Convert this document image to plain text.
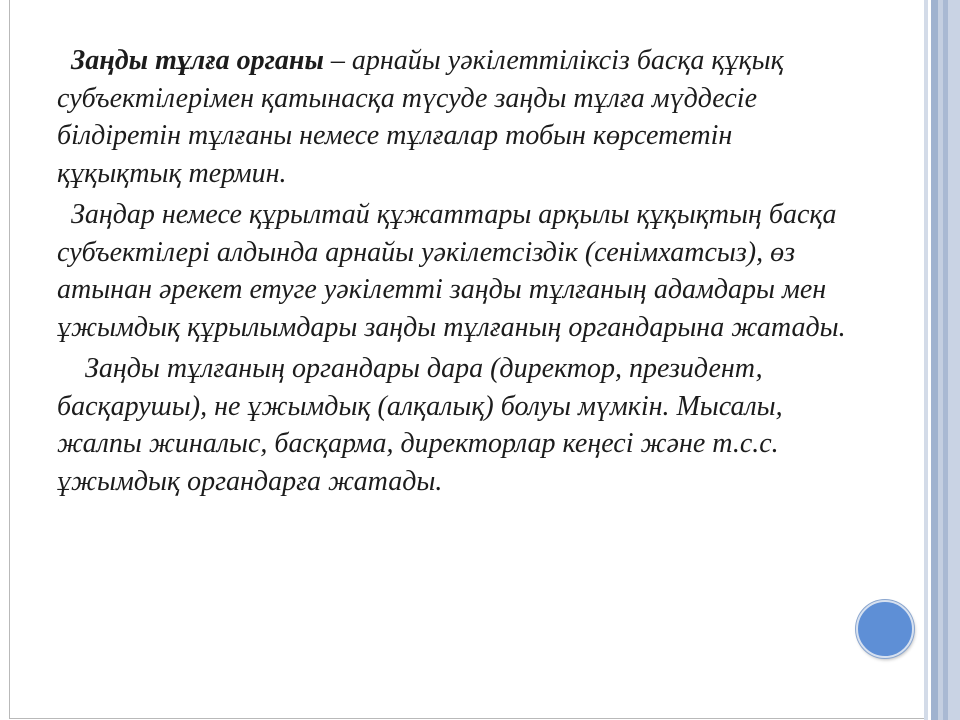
Заңды тұлға органы – арнайы уәкілеттіліксіз басқа құқық субъектілерімен қатынасқа түсуде заңды тұлға мүддесіе білдіретін тұлғаны немесе тұлғалар тобын көрсететін құқықтық термин.

Заңдар немесе құрылтай құжаттары арқылы құқықтың басқа субъектілері алдында арнайы уәкілетсіздік (сенімхатсыз), өз атынан әрекет етуге уәкілетті заңды тұлғаның адамдары мен ұжымдық құрылымдары заңды тұлғаның органдарына жатады.

Заңды тұлғаның органдары дара (директор, президент, басқарушы), не ұжымдық (алқалық) болуы мүмкін. Мысалы, жалпы жиналыс, басқарма, директорлар кеңесі және т.с.с. ұжымдық органдарға жатады.
